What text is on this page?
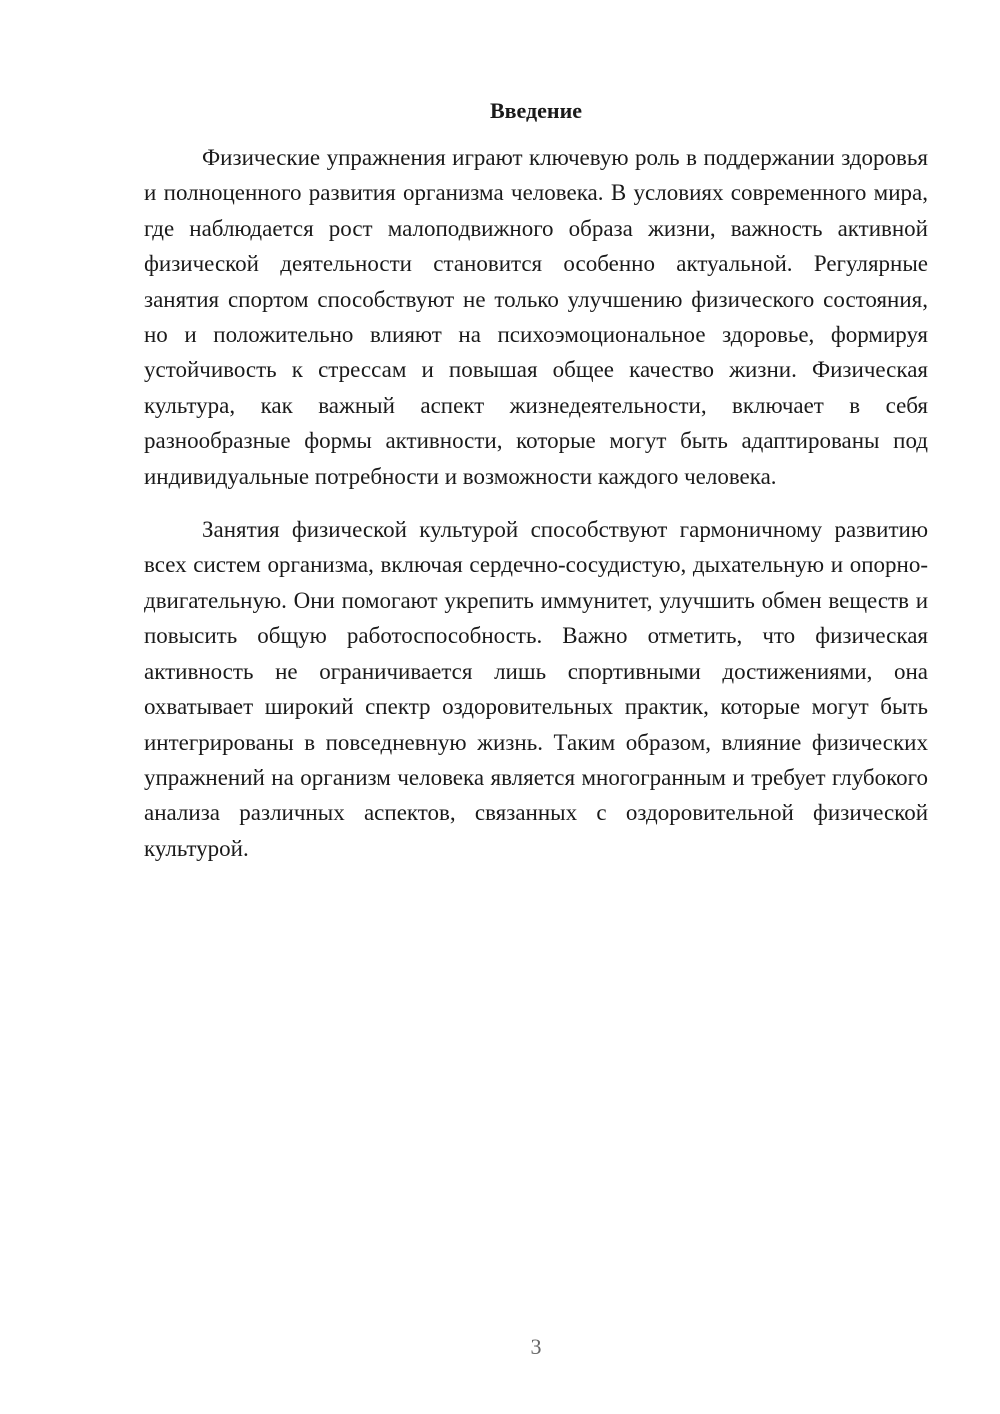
Введение

Физические упражнения играют ключевую роль в поддержании здоровья и полноценного развития организма человека. В условиях современного мира, где наблюдается рост малоподвижного образа жизни, важность активной физической деятельности становится особенно актуальной. Регулярные занятия спортом способствуют не только улучшению физического состояния, но и положительно влияют на психоэмоциональное здоровье, формируя устойчивость к стрессам и повышая общее качество жизни. Физическая культура, как важный аспект жизнедеятельности, включает в себя разнообразные формы активности, которые могут быть адаптированы под индивидуальные потребности и возможности каждого человека.

Занятия физической культурой способствуют гармоничному развитию всех систем организма, включая сердечно-сосудистую, дыхательную и опорно-двигательную. Они помогают укрепить иммунитет, улучшить обмен веществ и повысить общую работоспособность. Важно отметить, что физическая активность не ограничивается лишь спортивными достижениями, она охватывает широкий спектр оздоровительных практик, которые могут быть интегрированы в повседневную жизнь. Таким образом, влияние физических упражнений на организм человека является многогранным и требует глубокого анализа различных аспектов, связанных с оздоровительной физической культурой.

3
